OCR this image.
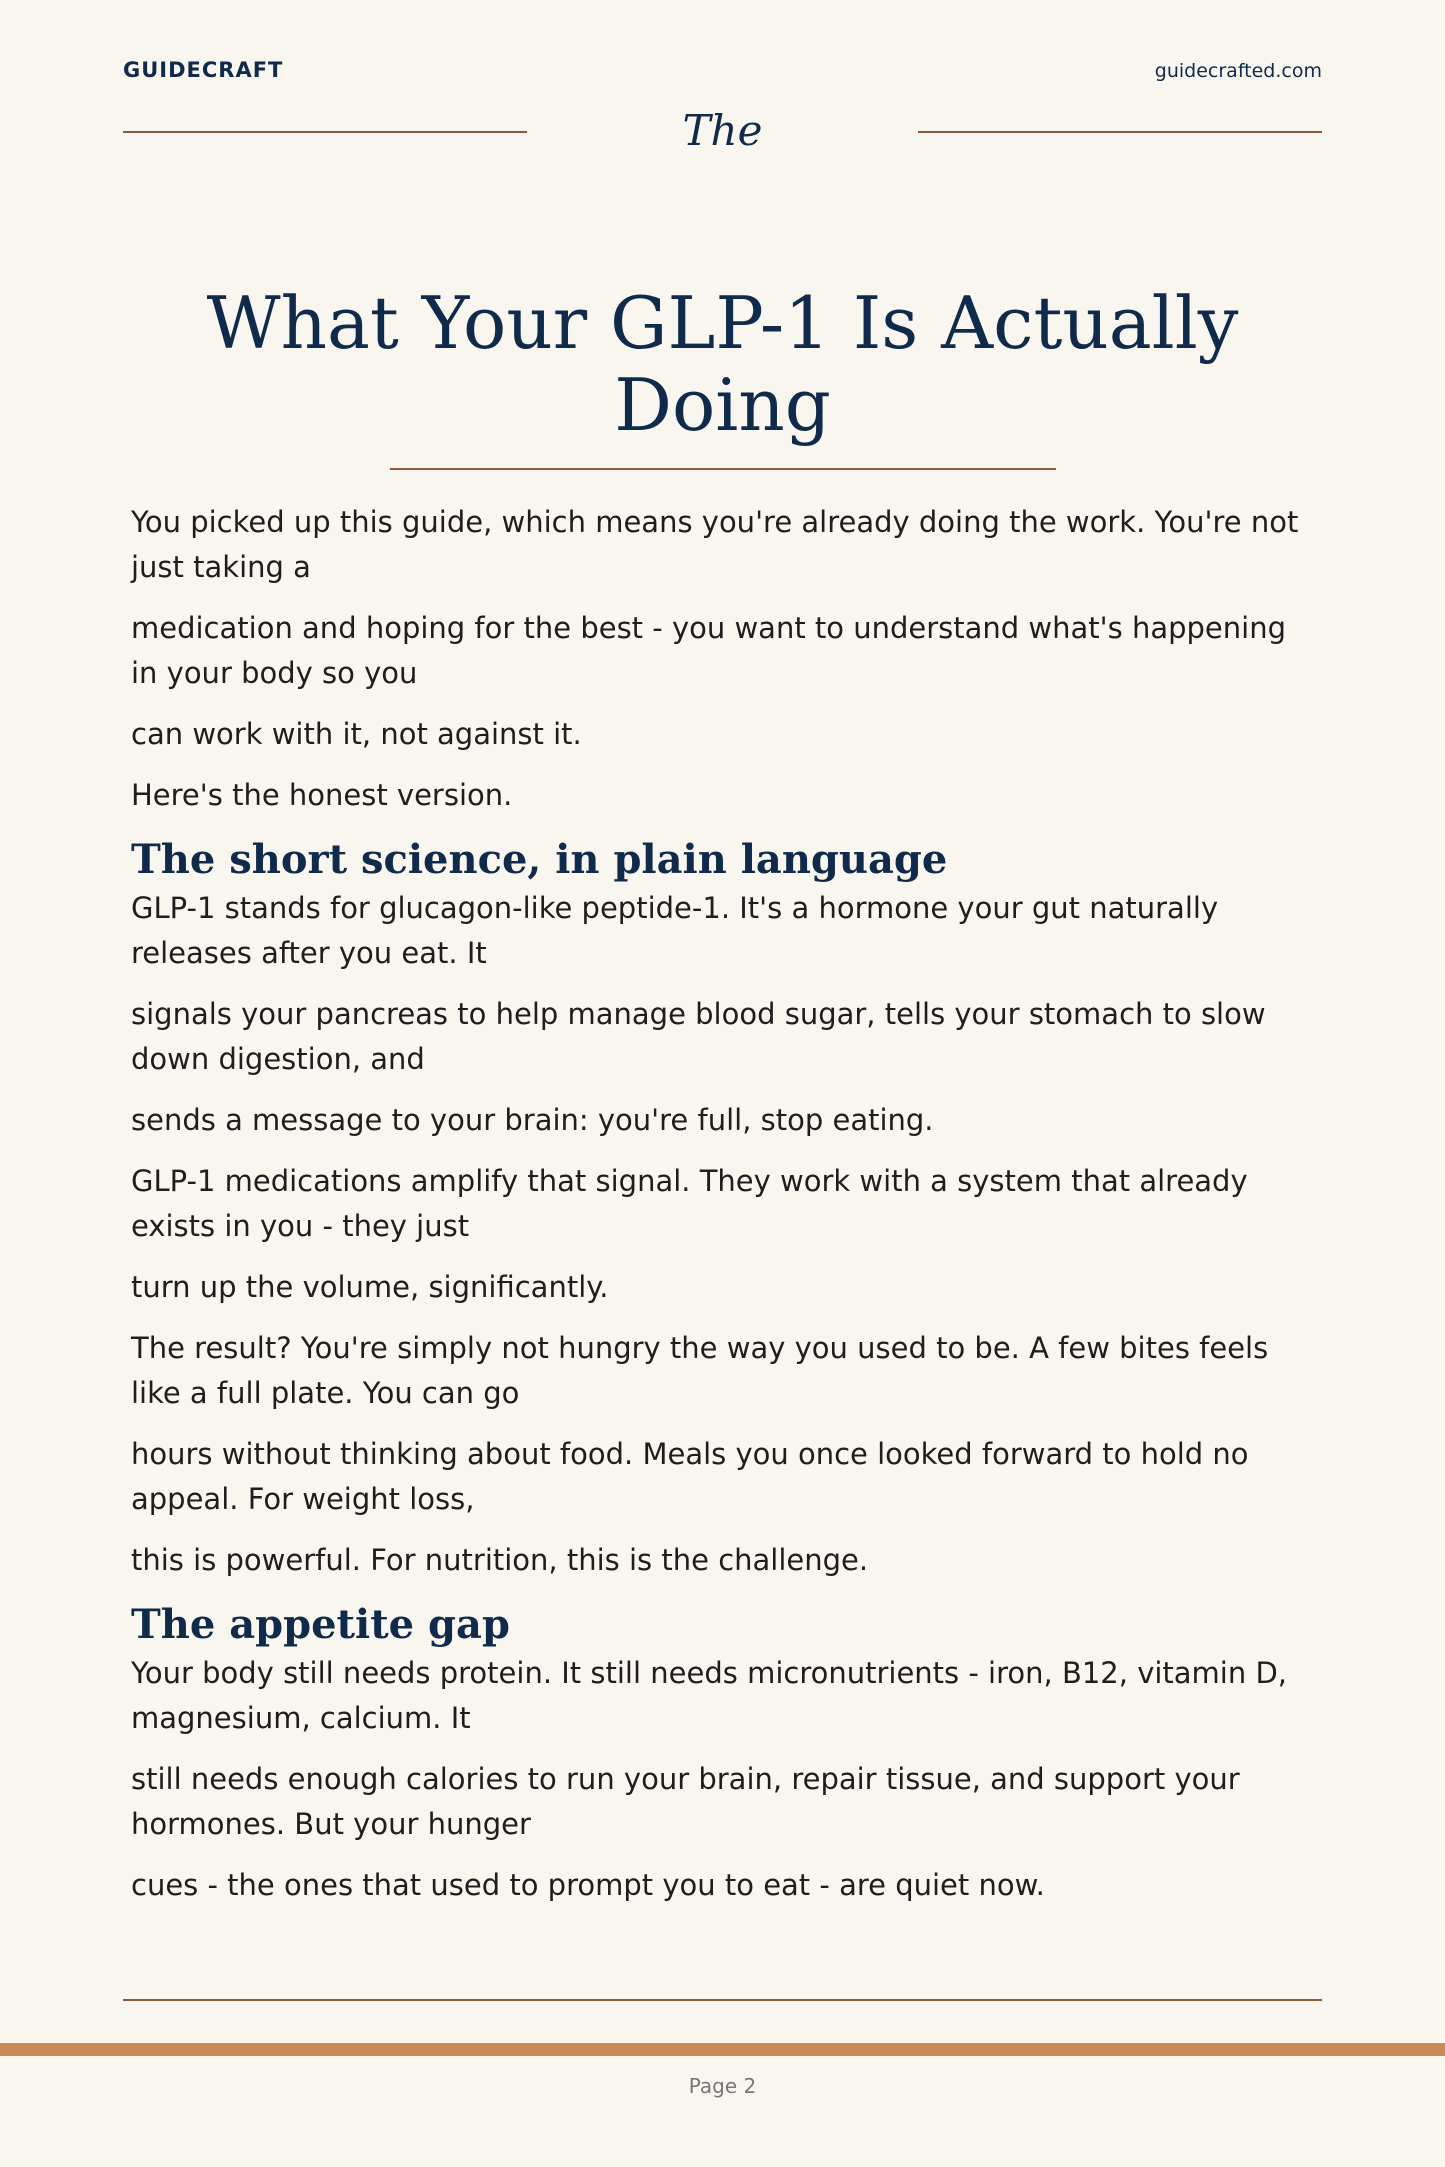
GUIDECRAFT	guidecrafted.com
The
What Your GLP-1 Is Actually Doing

You picked up this guide, which means you're already doing the work. You're not just taking a

medication and hoping for the best - you want to understand what's happening in your body so you

can work with it, not against it.

Here's the honest version.

The short science, in plain language

GLP-1 stands for glucagon-like peptide-1. It's a hormone your gut naturally releases after you eat. It

signals your pancreas to help manage blood sugar, tells your stomach to slow down digestion, and

sends a message to your brain: you're full, stop eating.

GLP-1 medications amplify that signal. They work with a system that already exists in you - they just

turn up the volume, significantly.

The result? You're simply not hungry the way you used to be. A few bites feels like a full plate. You can go

hours without thinking about food. Meals you once looked forward to hold no appeal. For weight loss,

this is powerful. For nutrition, this is the challenge.

The appetite gap

Your body still needs protein. It still needs micronutrients - iron, B12, vitamin D, magnesium, calcium. It

still needs enough calories to run your brain, repair tissue, and support your hormones. But your hunger

cues - the ones that used to prompt you to eat - are quiet now.

Page 2
